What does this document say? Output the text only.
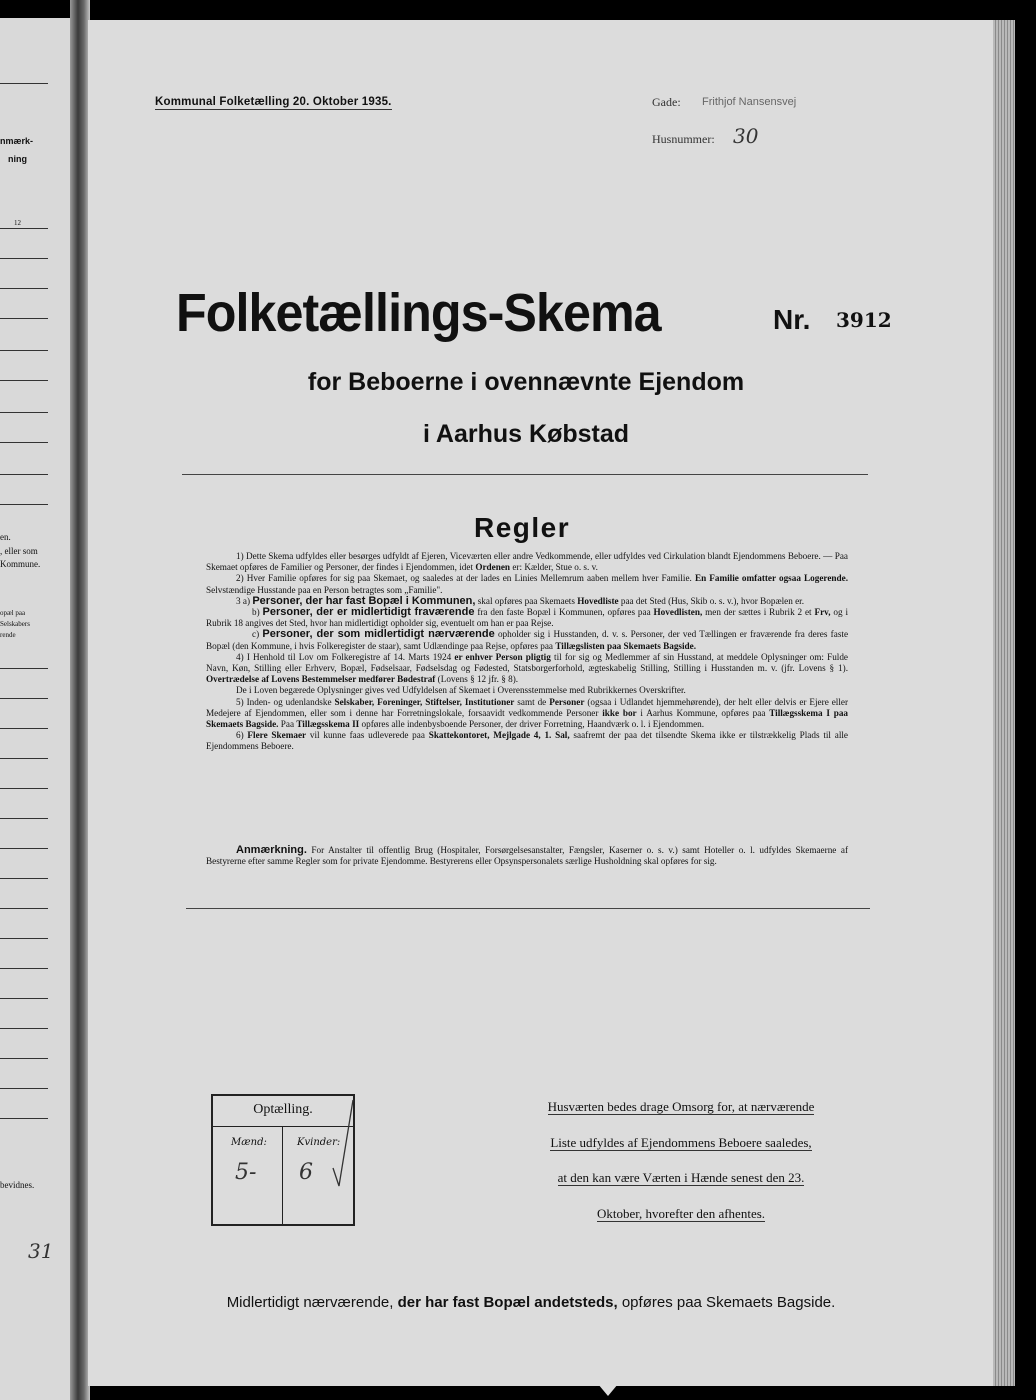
nmærk-
ning
12
en.
, eller som
Kommune.
opæl paa
Selskabers
rende
bevidnes.
31
Kommunal Folketælling 20. Oktober 1935.	Gade: Frithjof Nansensvej
Husnummer: 30
Folketællings-Skema	Nr. 3912
for Beboerne i ovennævnte Ejendom
i Aarhus Købstad
Regler

1) Dette Skema udfyldes eller besørges udfyldt af Ejeren, Viceværten eller andre Vedkommende, eller udfyldes ved Cirkulation blandt Ejendommens Beboere. — Paa Skemaet opføres de Familier og Personer, der findes i Ejendommen, idet Ordenen er: Kælder, Stue o. s. v.

2) Hver Familie opføres for sig paa Skemaet, og saaledes at der lades en Linies Mellemrum aaben mellem hver Familie. En Familie omfatter ogsaa Logerende. Selvstændige Husstande paa en Person betragtes som „Familie".

3 a) Personer, der har fast Bopæl i Kommunen, skal opføres paa Skemaets Hovedliste paa det Sted (Hus, Skib o. s. v.), hvor Bopælen er.

b) Personer, der er midlertidigt fraværende fra den faste Bopæl i Kommunen, opføres paa Hovedlisten, men der sættes i Rubrik 2 et Frv, og i Rubrik 18 angives det Sted, hvor han midlertidigt opholder sig, eventuelt om han er paa Rejse.

c) Personer, der som midlertidigt nærværende opholder sig i Husstanden, d. v. s. Personer, der ved Tællingen er fraværende fra deres faste Bopæl (den Kommune, i hvis Folkeregister de staar), samt Udlændinge paa Rejse, opføres paa Tillægslisten paa Skemaets Bagside.

4) I Henhold til Lov om Folkeregistre af 14. Marts 1924 er enhver Person pligtig til for sig og Medlemmer af sin Husstand, at meddele Oplysninger om: Fulde Navn, Køn, Stilling eller Erhverv, Bopæl, Fødselsaar, Fødselsdag og Fødested, Statsborgerforhold, ægteskabelig Stilling, Stilling i Husstanden m. v. (jfr. Lovens § 1). Overtrædelse af Lovens Bestemmelser medfører Bødestraf (Lovens § 12 jfr. § 8).

De i Loven begærede Oplysninger gives ved Udfyldelsen af Skemaet i Overensstemmelse med Rubrikkernes Overskrifter.

5) Inden- og udenlandske Selskaber, Foreninger, Stiftelser, Institutioner samt de Personer (ogsaa i Udlandet hjemmehørende), der helt eller delvis er Ejere eller Medejere af Ejendommen, eller som i denne har Forretningslokale, forsaavidt vedkommende Personer ikke bor i Aarhus Kommune, opføres paa Tillægsskema I paa Skemaets Bagside. Paa Tillægsskema II opføres alle indenbysboende Personer, der driver Forretning, Haandværk o. l. i Ejendommen.

6) Flere Skemaer vil kunne faas udleverede paa Skattekontoret, Mejlgade 4, 1. Sal, saafremt der paa det tilsendte Skema ikke er tilstrækkelig Plads til alle Ejendommens Beboere.

Anmærkning. For Anstalter til offentlig Brug (Hospitaler, Forsørgelsesanstalter, Fængsler, Kaserner o. s. v.) samt Hoteller o. l. udfyldes Skemaerne af Bestyrerne efter samme Regler som for private Ejendomme. Bestyrerens eller Opsynspersonalets særlige Husholdning skal opføres for sig.
Optælling.
Mænd:	Kvinder:
5- 6
Husværten bedes drage Omsorg for, at nærværende
Liste udfyldes af Ejendommens Beboere saaledes,
at den kan være Værten i Hænde senest den 23.
Oktober, hvorefter den afhentes.
Midlertidigt nærværende, der har fast Bopæl andetsteds, opføres paa Skemaets Bagside.
